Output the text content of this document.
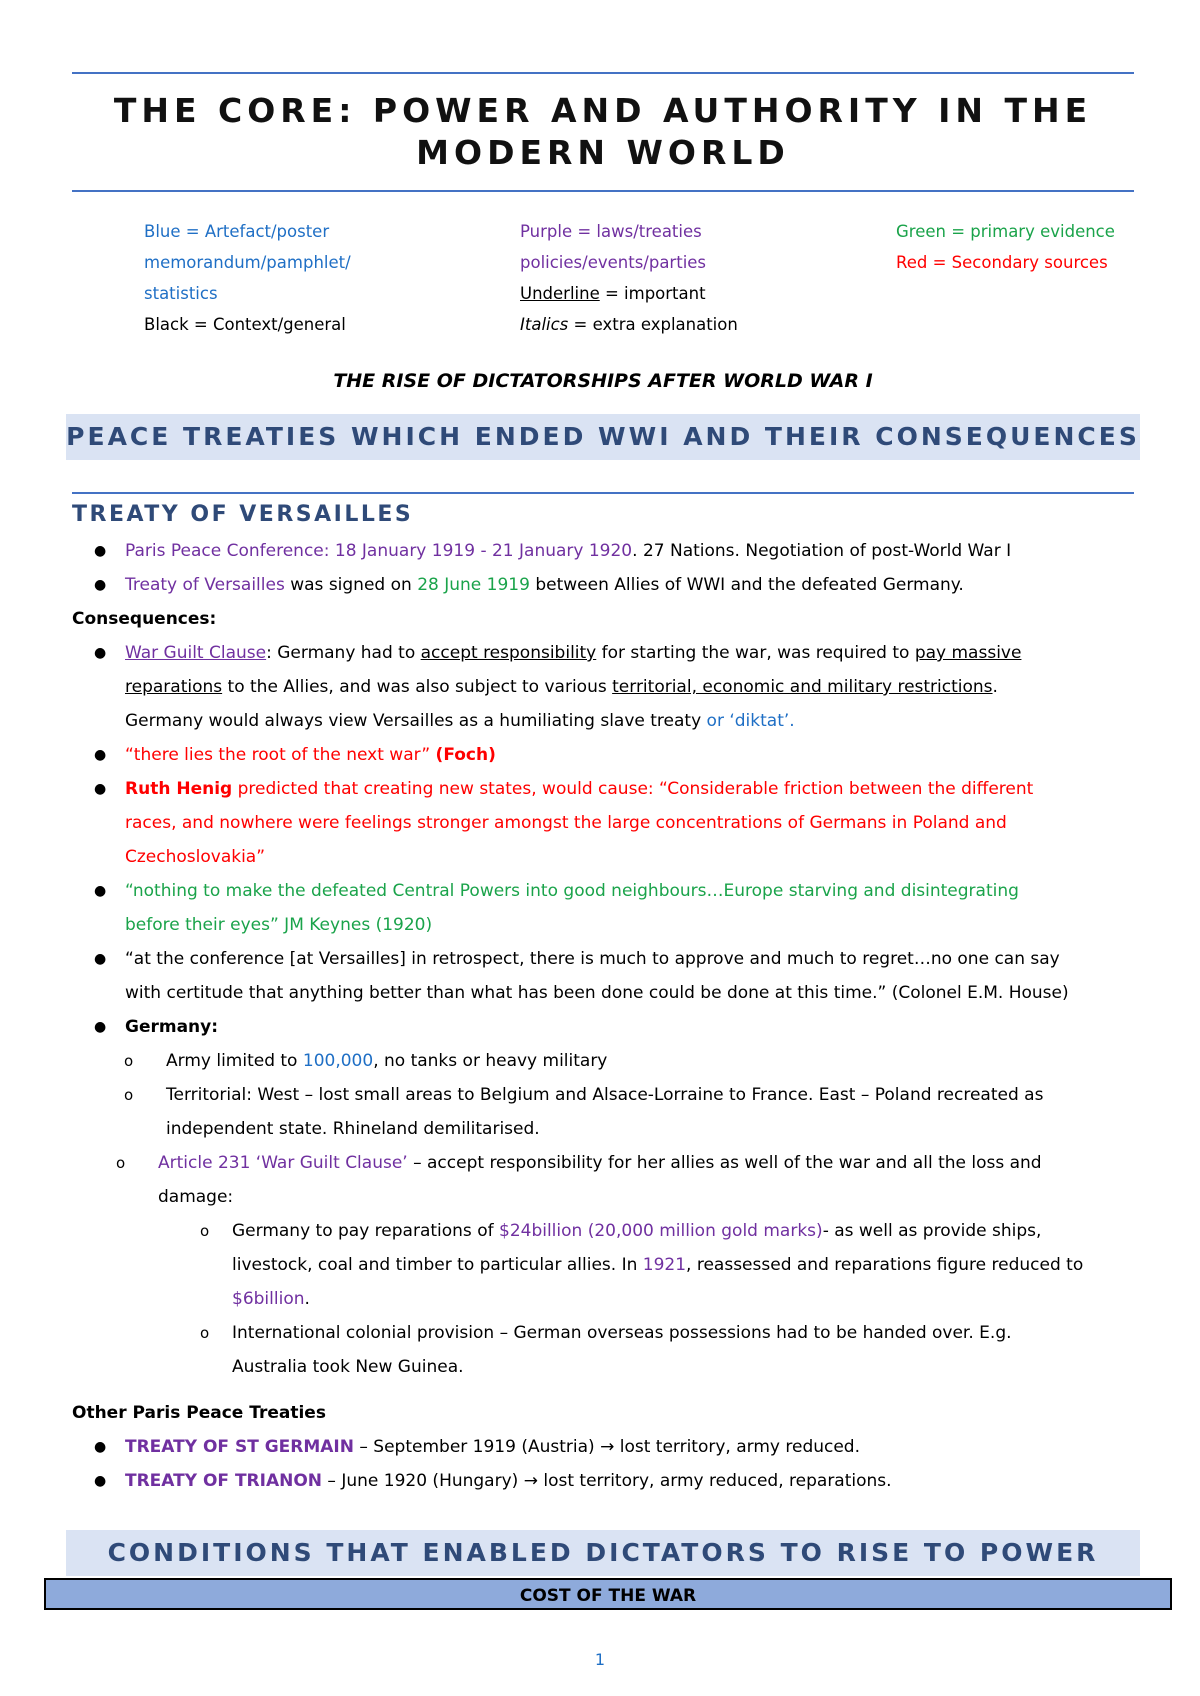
THE CORE: POWER AND AUTHORITY IN THE
MODERN WORLD
Blue = Artefact/poster
memorandum/pamphlet/
statistics
Black = Context/general
Purple = laws/treaties
policies/events/parties
Underline = important
Italics = extra explanation
Green = primary evidence
Red = Secondary sources
THE RISE OF DICTATORSHIPS AFTER WORLD WAR I
PEACE TREATIES WHICH ENDED WWI AND THEIR CONSEQUENCES
TREATY OF VERSAILLES
● Paris Peace Conference: 18 January 1919 - 21 January 1920. 27 Nations. Negotiation of post-World War I
● Treaty of Versailles was signed on 28 June 1919 between Allies of WWI and the defeated Germany.
Consequences:
● War Guilt Clause: Germany had to accept responsibility for starting the war, was required to pay massive
reparations to the Allies, and was also subject to various territorial, economic and military restrictions.
Germany would always view Versailles as a humiliating slave treaty or ‘diktat’.
● “there lies the root of the next war” (Foch)
● Ruth Henig predicted that creating new states, would cause: “Considerable friction between the different
races, and nowhere were feelings stronger amongst the large concentrations of Germans in Poland and
Czechoslovakia”
● “nothing to make the defeated Central Powers into good neighbours…Europe starving and disintegrating
before their eyes” JM Keynes (1920)
● “at the conference [at Versailles] in retrospect, there is much to approve and much to regret…no one can say
with certitude that anything better than what has been done could be done at this time.” (Colonel E.M. House)
● Germany:
o Army limited to 100,000, no tanks or heavy military
o Territorial: West – lost small areas to Belgium and Alsace-Lorraine to France. East – Poland recreated as
independent state. Rhineland demilitarised.
o Article 231 ‘War Guilt Clause’ – accept responsibility for her allies as well of the war and all the loss and
damage:
o Germany to pay reparations of $24billion (20,000 million gold marks)- as well as provide ships,
livestock, coal and timber to particular allies. In 1921, reassessed and reparations figure reduced to
$6billion.
o International colonial provision – German overseas possessions had to be handed over. E.g.
Australia took New Guinea.
Other Paris Peace Treaties
● TREATY OF ST GERMAIN – September 1919 (Austria) → lost territory, army reduced.
● TREATY OF TRIANON – June 1920 (Hungary) → lost territory, army reduced, reparations.
CONDITIONS THAT ENABLED DICTATORS TO RISE TO POWER
COST OF THE WAR
1
